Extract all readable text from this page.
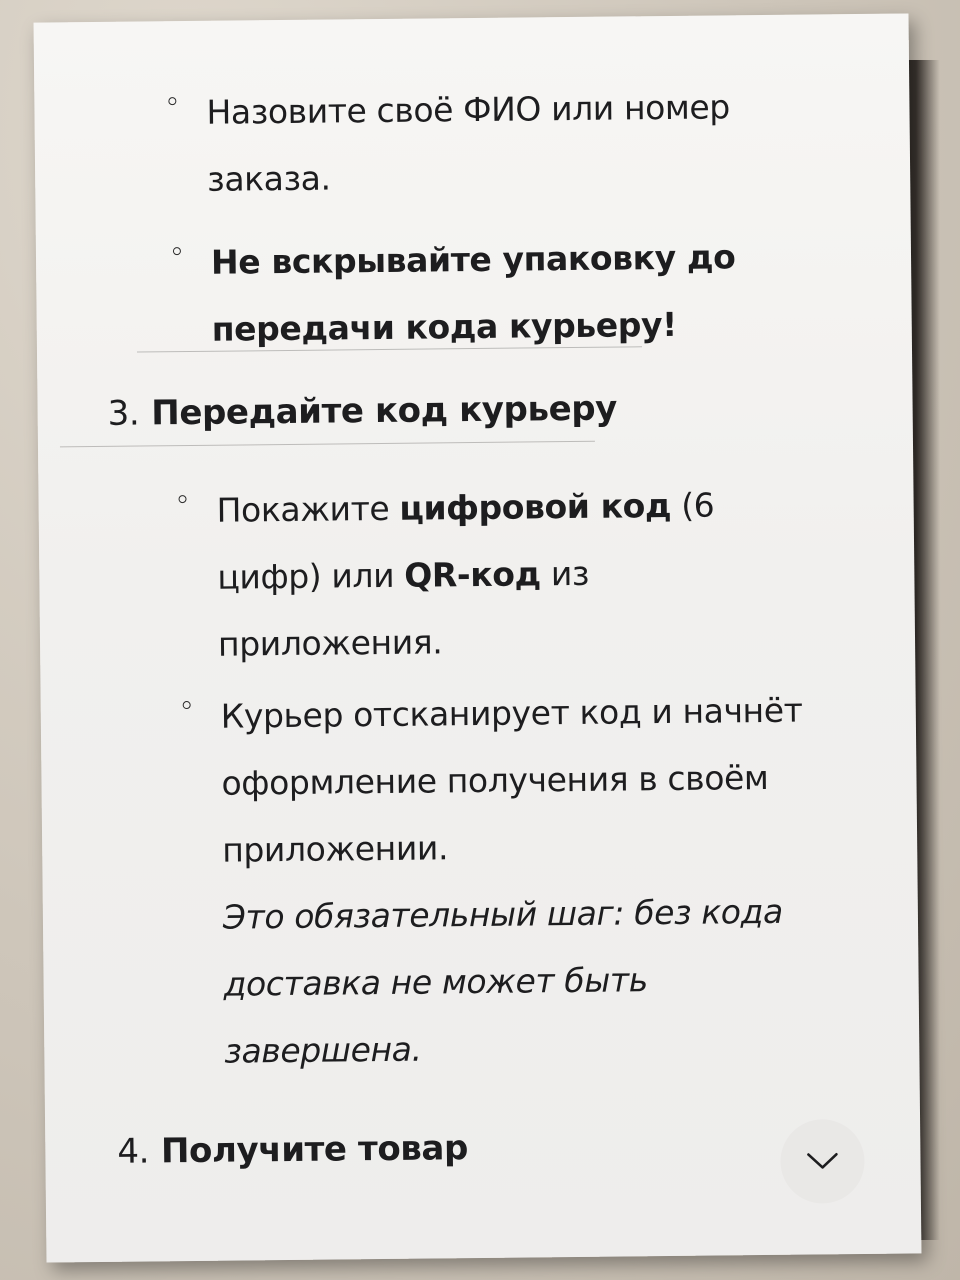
Назовите своё ФИО или номер
заказа.
Не вскрывайте упаковку до
передачи кода курьеру!
3. Передайте код курьеру
Покажите цифровой код (6
цифр) или QR-код из
приложения.
Курьер отсканирует код и начнёт
оформление получения в своём
приложении.
Это обязательный шаг: без кода
доставка не может быть
завершена.
4. Получите товар
